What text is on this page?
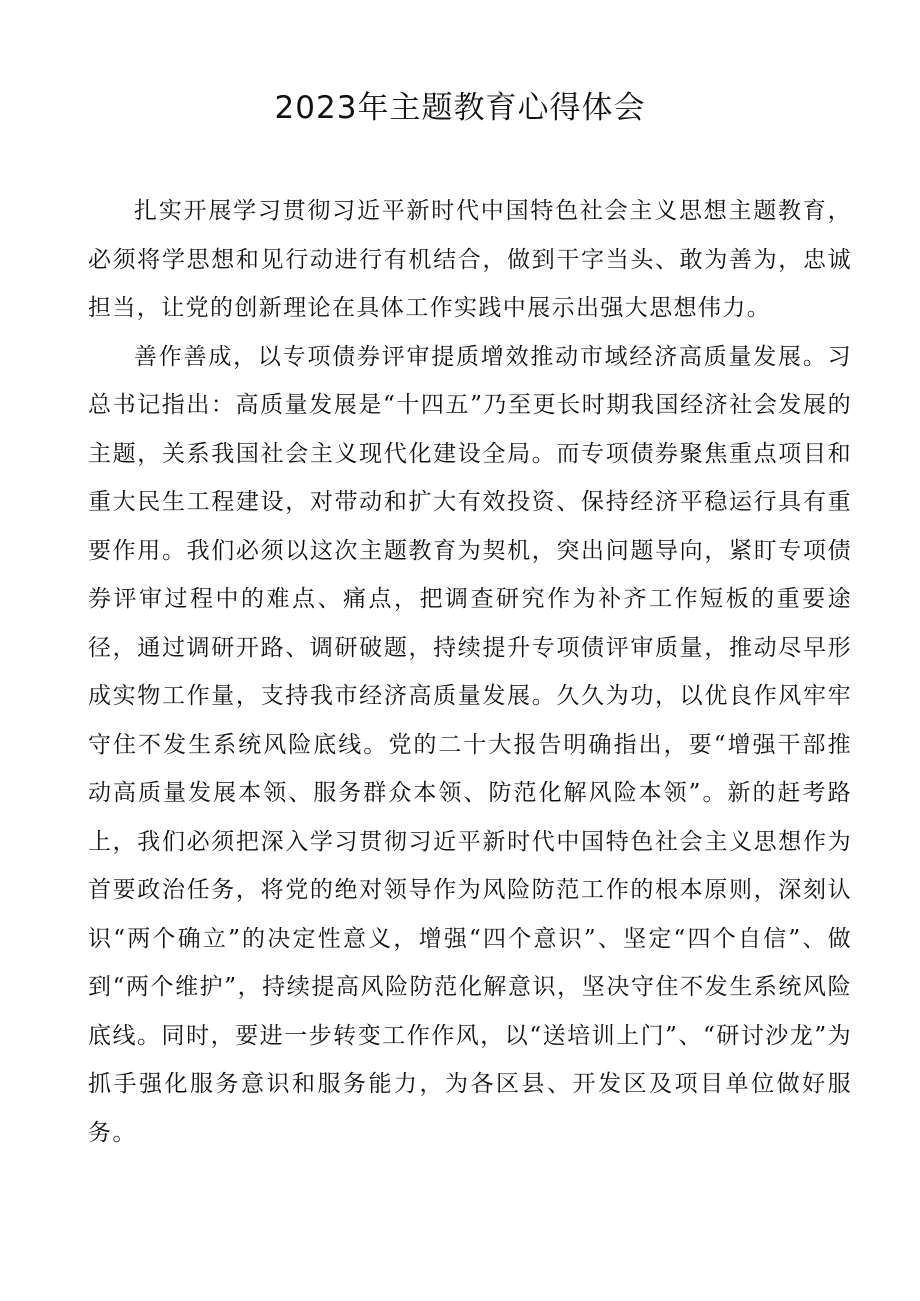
2023年主题教育心得体会

扎实开展学习贯彻习近平新时代中国特色社会主义思想主题教育，必须将学思想和见行动进行有机结合，做到干字当头、敢为善为，忠诚担当，让党的创新理论在具体工作实践中展示出强大思想伟力。

善作善成，以专项债券评审提质增效推动市域经济高质量发展。习总书记指出：高质量发展是“十四五”乃至更长时期我国经济社会发展的主题，关系我国社会主义现代化建设全局。而专项债券聚焦重点项目和重大民生工程建设，对带动和扩大有效投资、保持经济平稳运行具有重要作用。我们必须以这次主题教育为契机，突出问题导向，紧盯专项债券评审过程中的难点、痛点，把调查研究作为补齐工作短板的重要途径，通过调研开路、调研破题，持续提升专项债评审质量，推动尽早形成实物工作量，支持我市经济高质量发展。久久为功，以优良作风牢牢守住不发生系统风险底线。党的二十大报告明确指出，要“增强干部推动高质量发展本领、服务群众本领、防范化解风险本领”。新的赶考路上，我们必须把深入学习贯彻习近平新时代中国特色社会主义思想作为首要政治任务，将党的绝对领导作为风险防范工作的根本原则，深刻认识“两个确立”的决定性意义，增强“四个意识”、坚定“四个自信”、做到“两个维护”，持续提高风险防范化解意识，坚决守住不发生系统风险底线。同时，要进一步转变工作作风，以“送培训上门”、“研讨沙龙”为抓手强化服务意识和服务能力，为各区县、开发区及项目单位做好服务。
